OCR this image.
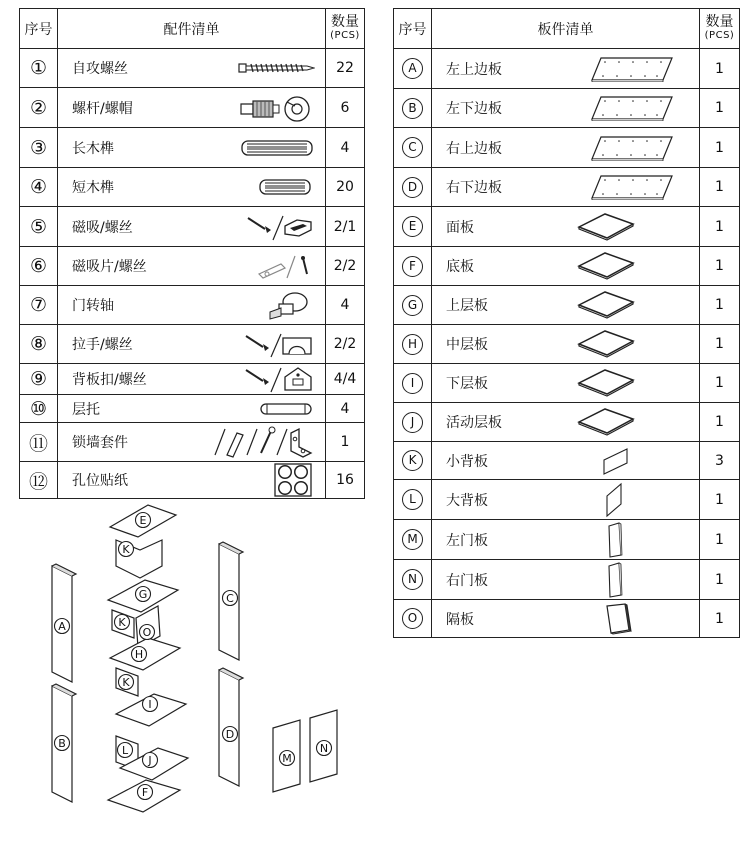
序号	配件清单	数量
(PCS)

①	自攻螺丝	22
②	螺杆/螺帽	6
③	长木榫	4
④	短木榫	20
⑤	磁吸/螺丝	2/1
⑥	磁吸片/螺丝	2/2
⑦	门转轴	4
⑧	拉手/螺丝	2/2
⑨	背板扣/螺丝	4/4
⑩	层托	4
⑪	锁墙套件	1
⑫	孔位贴纸	16
序号	板件清单	数量
(PCS)

A	左上边板	1
B	左下边板	1
C	右上边板	1
D	右下边板	1
E	面板	1
F	底板	1
G	上层板	1
H	中层板	1
I	下层板	1
J	活动层板	1
K	小背板	3
L	大背板	1
M	左门板	1
N	右门板	1
O	隔板	1
A
B
C
D
E
K
G
K
O
H
K
I
L
J
F
M
N
